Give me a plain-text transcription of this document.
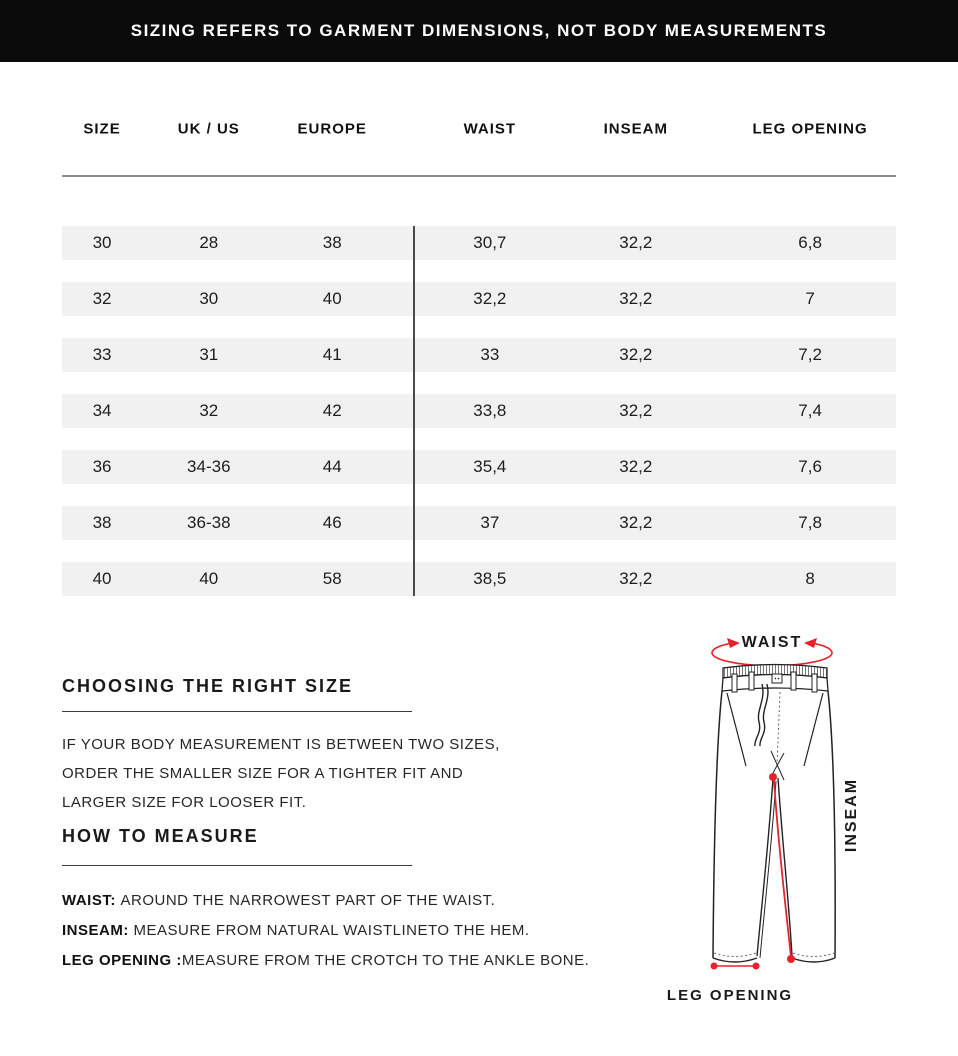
SIZING REFERS TO GARMENT DIMENSIONS, NOT BODY MEASUREMENTS
SIZE	UK / US	EUROPE	WAIST	INSEAM	LEG OPENING
30	28	38	30,7	32,2	6,8
32	30	40	32,2	32,2	7
33	31	41	33	32,2	7,2
34	32	42	33,8	32,2	7,4
36	34-36	44	35,4	32,2	7,6
38	36-38	46	37	32,2	7,8
40	40	58	38,5	32,2	8
CHOOSING THE RIGHT SIZE
IF YOUR BODY MEASUREMENT IS BETWEEN TWO SIZES,
ORDER THE SMALLER SIZE FOR A TIGHTER FIT AND
LARGER SIZE FOR LOOSER FIT.
HOW TO MEASURE
WAIST: AROUND THE NARROWEST PART OF THE WAIST.
INSEAM: MEASURE FROM NATURAL WAISTLINETO THE HEM.
LEG OPENING :MEASURE FROM THE CROTCH TO THE ANKLE BONE.
WAIST
INSEAM
LEG OPENING
